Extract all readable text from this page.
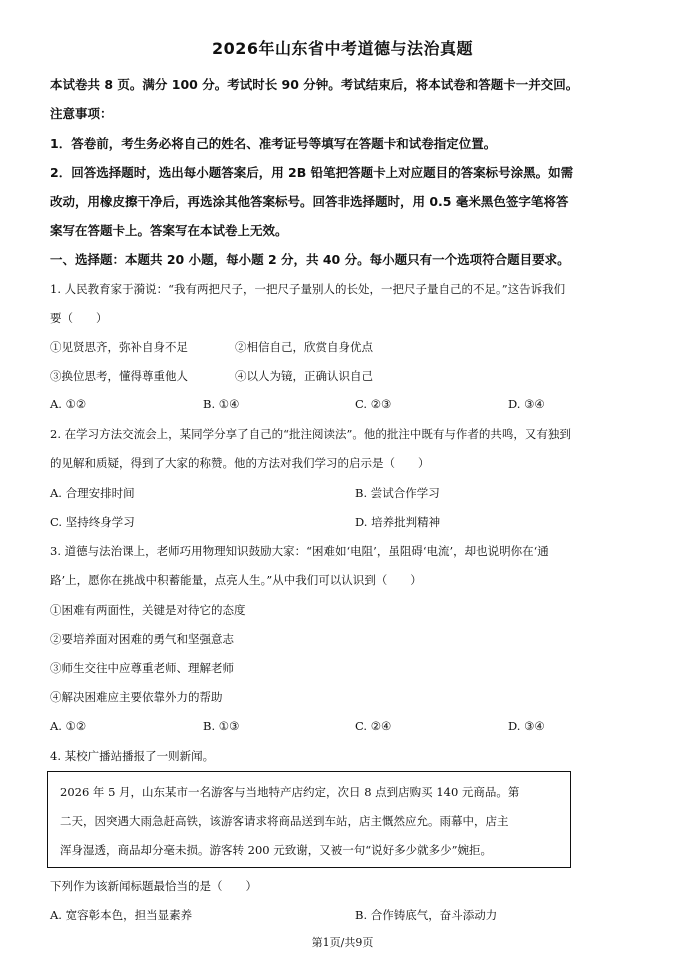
2026年山东省中考道德与法治真题
本试卷共 8 页。满分 100 分。考试时长 90 分钟。考试结束后，将本试卷和答题卡一并交回。
注意事项：
1．答卷前，考生务必将自己的姓名、准考证号等填写在答题卡和试卷指定位置。
2．回答选择题时，选出每小题答案后，用 2B 铅笔把答题卡上对应题目的答案标号涂黑。如需
改动，用橡皮擦干净后，再选涂其他答案标号。回答非选择题时，用 0.5 毫米黑色签字笔将答
案写在答题卡上。答案写在本试卷上无效。
一、选择题：本题共 20 小题，每小题 2 分，共 40 分。每小题只有一个选项符合题目要求。
1. 人民教育家于漪说：“我有两把尺子，一把尺子量别人的长处，一把尺子量自己的不足。”这告诉我们
要（　　）
①见贤思齐，弥补自身不足	②相信自己，欣赏自身优点
③换位思考，懂得尊重他人	④以人为镜，正确认识自己
A. ①②	B. ①④	C. ②③	D. ③④
2. 在学习方法交流会上，某同学分享了自己的“批注阅读法”。他的批注中既有与作者的共鸣，又有独到
的见解和质疑，得到了大家的称赞。他的方法对我们学习的启示是（　　）
A. 合理安排时间	B. 尝试合作学习
C. 坚持终身学习	D. 培养批判精神
3. 道德与法治课上，老师巧用物理知识鼓励大家：“困难如‘电阻’，虽阻碍‘电流’，却也说明你在‘通
路’上，愿你在挑战中积蓄能量，点亮人生。”从中我们可以认识到（　　）
①困难有两面性，关键是对待它的态度
②要培养面对困难的勇气和坚强意志
③师生交往中应尊重老师、理解老师
④解决困难应主要依靠外力的帮助
A. ①②	B. ①③	C. ②④	D. ③④
4. 某校广播站播报了一则新闻。
2026 年 5 月，山东某市一名游客与当地特产店约定，次日 8 点到店购买 140 元商品。第
二天，因突遇大雨急赶高铁，该游客请求将商品送到车站，店主慨然应允。雨幕中，店主
浑身湿透，商品却分毫未损。游客转 200 元致谢，又被一句“说好多少就多少”婉拒。
下列作为该新闻标题最恰当的是（　　）
A. 宽容彰本色，担当显素养	B. 合作铸底气，奋斗添动力
第1页/共9页
